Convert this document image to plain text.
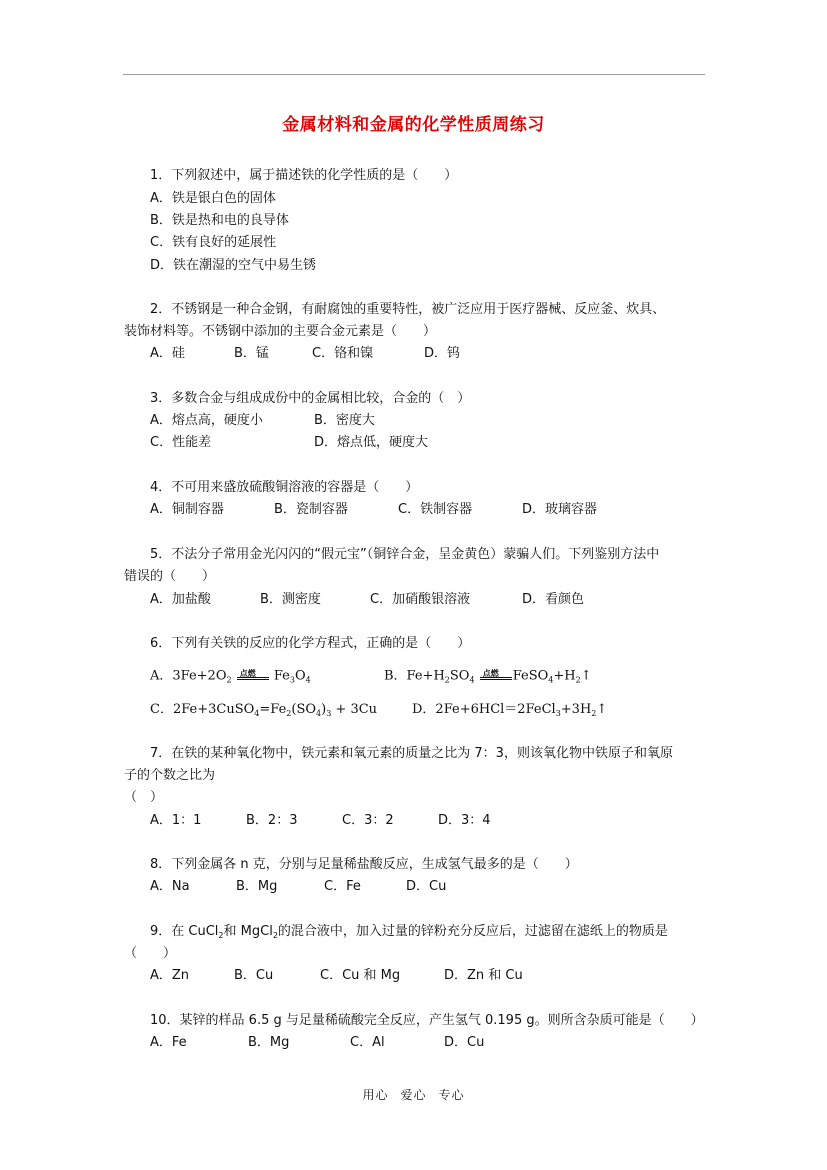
金属材料和金属的化学性质周练习
1．下列叙述中，属于描述铁的化学性质的是（　　）
A．铁是银白色的固体
B．铁是热和电的良导体
C．铁有良好的延展性
D．铁在潮湿的空气中易生锈
2．不锈钢是一种合金钢，有耐腐蚀的重要特性，被广泛应用于医疗器械、反应釜、炊具、
装饰材料等。不锈钢中添加的主要合金元素是（　　）
A．硅	B．锰	C．铬和镍	D．钨
3．多数合金与组成成份中的金属相比较，合金的（　）
A．熔点高，硬度小	B．密度大
C．性能差	D．熔点低，硬度大
4．不可用来盛放硫酸铜溶液的容器是（　　）
A．铜制容器	B．瓷制容器	C．铁制容器	D．玻璃容器
5．不法分子常用金光闪闪的“假元宝”（铜锌合金，呈金黄色）蒙骗人们。下列鉴别方法中
错误的（　　）
A．加盐酸	B．测密度	C．加硝酸银溶液	D．看颜色
6．下列有关铁的反应的化学方程式，正确的是（　　）
A．$3Fe+2O_2$
点燃 $Fe_3O_4$	B．$Fe+H_2SO_4$
点燃 $FeSO_4+H_2↑$
C．$2Fe+3CuSO_4=Fe_2(SO_4)_3 + 3Cu$	D．$2Fe+6HCl=2FeCl_3+3H_2↑$
7．在铁的某种氧化物中，铁元素和氧元素的质量之比为 7：3，则该氧化物中铁原子和氧原
子的个数之比为
（　）
A．1：1	B．2：3	C．3：2	D．3：4
8．下列金属各 n 克，分别与足量稀盐酸反应，生成氢气最多的是（　　）
A．Na	B．Mg	C．Fe	D．Cu
9．在 CuCl$_2$和 MgCl$_2$的混合液中，加入过量的锌粉充分反应后，过滤留在滤纸上的物质是
（　　）
A．Zn	B．Cu	C．Cu 和 Mg	D．Zn 和 Cu
10．某锌的样品 6.5 g 与足量稀硫酸完全反应，产生氢气 0.195 g。则所含杂质可能是（　　）
A．Fe	B．Mg	C．Al	D．Cu
用心 爱心 专心
